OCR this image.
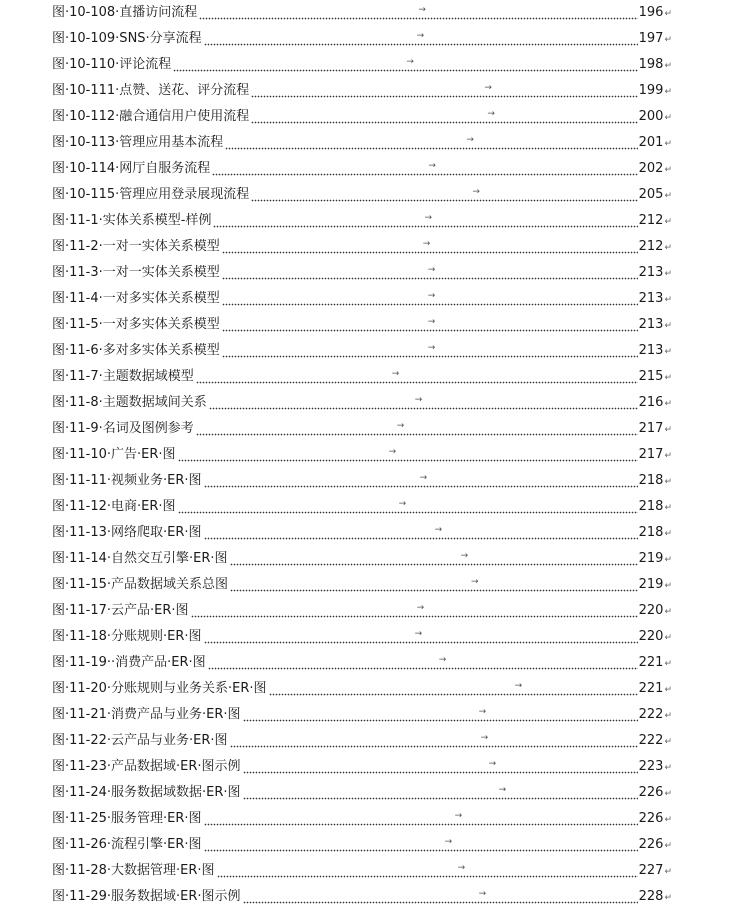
图·10-108·直播访问流程	→	196 ↵
图·10-109·SNS·分享流程	→	197 ↵
图·10-110·评论流程	→	198 ↵
图·10-111·点赞、送花、评分流程	→	199 ↵
图·10-112·融合通信用户使用流程	→	200 ↵
图·10-113·管理应用基本流程	→	201 ↵
图·10-114·网厅自服务流程	→	202 ↵
图·10-115·管理应用登录展现流程	→	205 ↵
图·11-1·实体关系模型-样例	→	212 ↵
图·11-2·一对一实体关系模型	→	212 ↵
图·11-3·一对一实体关系模型	→	213 ↵
图·11-4·一对多实体关系模型	→	213 ↵
图·11-5·一对多实体关系模型	→	213 ↵
图·11-6·多对多实体关系模型	→	213 ↵
图·11-7·主题数据域模型	→	215 ↵
图·11-8·主题数据域间关系	→	216 ↵
图·11-9·名词及图例参考	→	217 ↵
图·11-10·广告·ER·图	→	217 ↵
图·11-11·视频业务·ER·图	→	218 ↵
图·11-12·电商·ER·图	→	218 ↵
图·11-13·网络爬取·ER·图	→	218 ↵
图·11-14·自然交互引擎·ER·图	→	219 ↵
图·11-15·产品数据域关系总图	→	219 ↵
图·11-17·云产品·ER·图	→	220 ↵
图·11-18·分账规则·ER·图	→	220 ↵
图·11-19··消费产品·ER·图	→	221 ↵
图·11-20·分账规则与业务关系·ER·图	→	221 ↵
图·11-21·消费产品与业务·ER·图	→	222 ↵
图·11-22·云产品与业务·ER·图	→	222 ↵
图·11-23·产品数据域·ER·图示例	→	223 ↵
图·11-24·服务数据域数据·ER·图	→	226 ↵
图·11-25·服务管理·ER·图	→	226 ↵
图·11-26·流程引擎·ER·图	→	226 ↵
图·11-28·大数据管理·ER·图	→	227 ↵
图·11-29·服务数据域·ER·图示例	→	228 ↵
